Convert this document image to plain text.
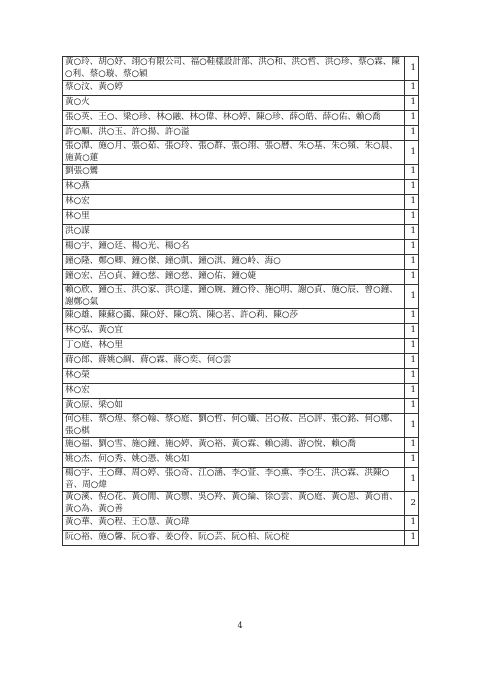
黃○玲、胡○妤、翊○有限公司、福○鞋樣設計部、洪○和、洪○哲、洪○珍、蔡○霖、陳○利、蔡○璇、蔡○穎	1
蔡○汶、黃○婷	1
黃○火	1
張○英、王○、梁○珍、林○融、林○偉、林○婷、陳○珍、薛○皓、薛○佑、賴○喬	1
許○順、洪○玉、許○揚、許○溢	1
張○潭、施○月、張○茹、張○玲、張○群、張○翊、張○曆、朱○基、朱○頻、朱○晨、施黃○蓮	1
劉張○鸞	1
林○燕	1
林○宏	1
林○里	1
洪○謀	1
楊○宇、鐘○廷、楊○光、楊○名	1
鐘○隆、鄭○卿、鐘○傑、鐘○凱、鐘○淇、鐘○岭、海○	1
鐘○宏、呂○貞、鐘○慈、鐘○慈、鐘○佑、鐘○婕	1
賴○欣、鐘○玉、洪○家、洪○達、鐘○婉、鐘○伶、施○明、謝○貞、施○辰、曾○鐘、謝鄭○氣	1
陳○雄、陳蘇○靄、陳○妤、陳○筑、陳○茗、許○莉、陳○莎	1
林○弘、黃○宜	1
丁○庭、林○里	1
蔣○郎、蔣姚○綢、蔣○霖、蔣○奕、何○雲	1
林○榮	1
林○宏	1
黃○原、梁○如	1
何○桂、蔡○煌、蔡○翰、蔡○庭、劉○哲、何○孅、呂○莜、呂○評、張○銘、何○娜、張○棋	1
施○福、劉○雪、施○鐘、施○婷、黃○裕、黃○霖、賴○鴻、游○悅、賴○喬	1
姚○杰、何○秀、姚○憑、姚○如	1
楊○宇、王○輝、周○婷、張○奇、江○涵、李○萱、李○熏、李○生、洪○霖、洪陳○音、周○煒	1
黃○溪、倪○花、黃○閒、黃○禦、吳○羚、黃○綸、徐○雲、黃○庭、黃○恩、黃○甫、黃○為、黃○善	2
黃○華、黃○程、王○慧、黃○瑋	1
阮○裕、施○馨、阮○睿、姜○伶、阮○芸、阮○柏、阮○椗	1
4
